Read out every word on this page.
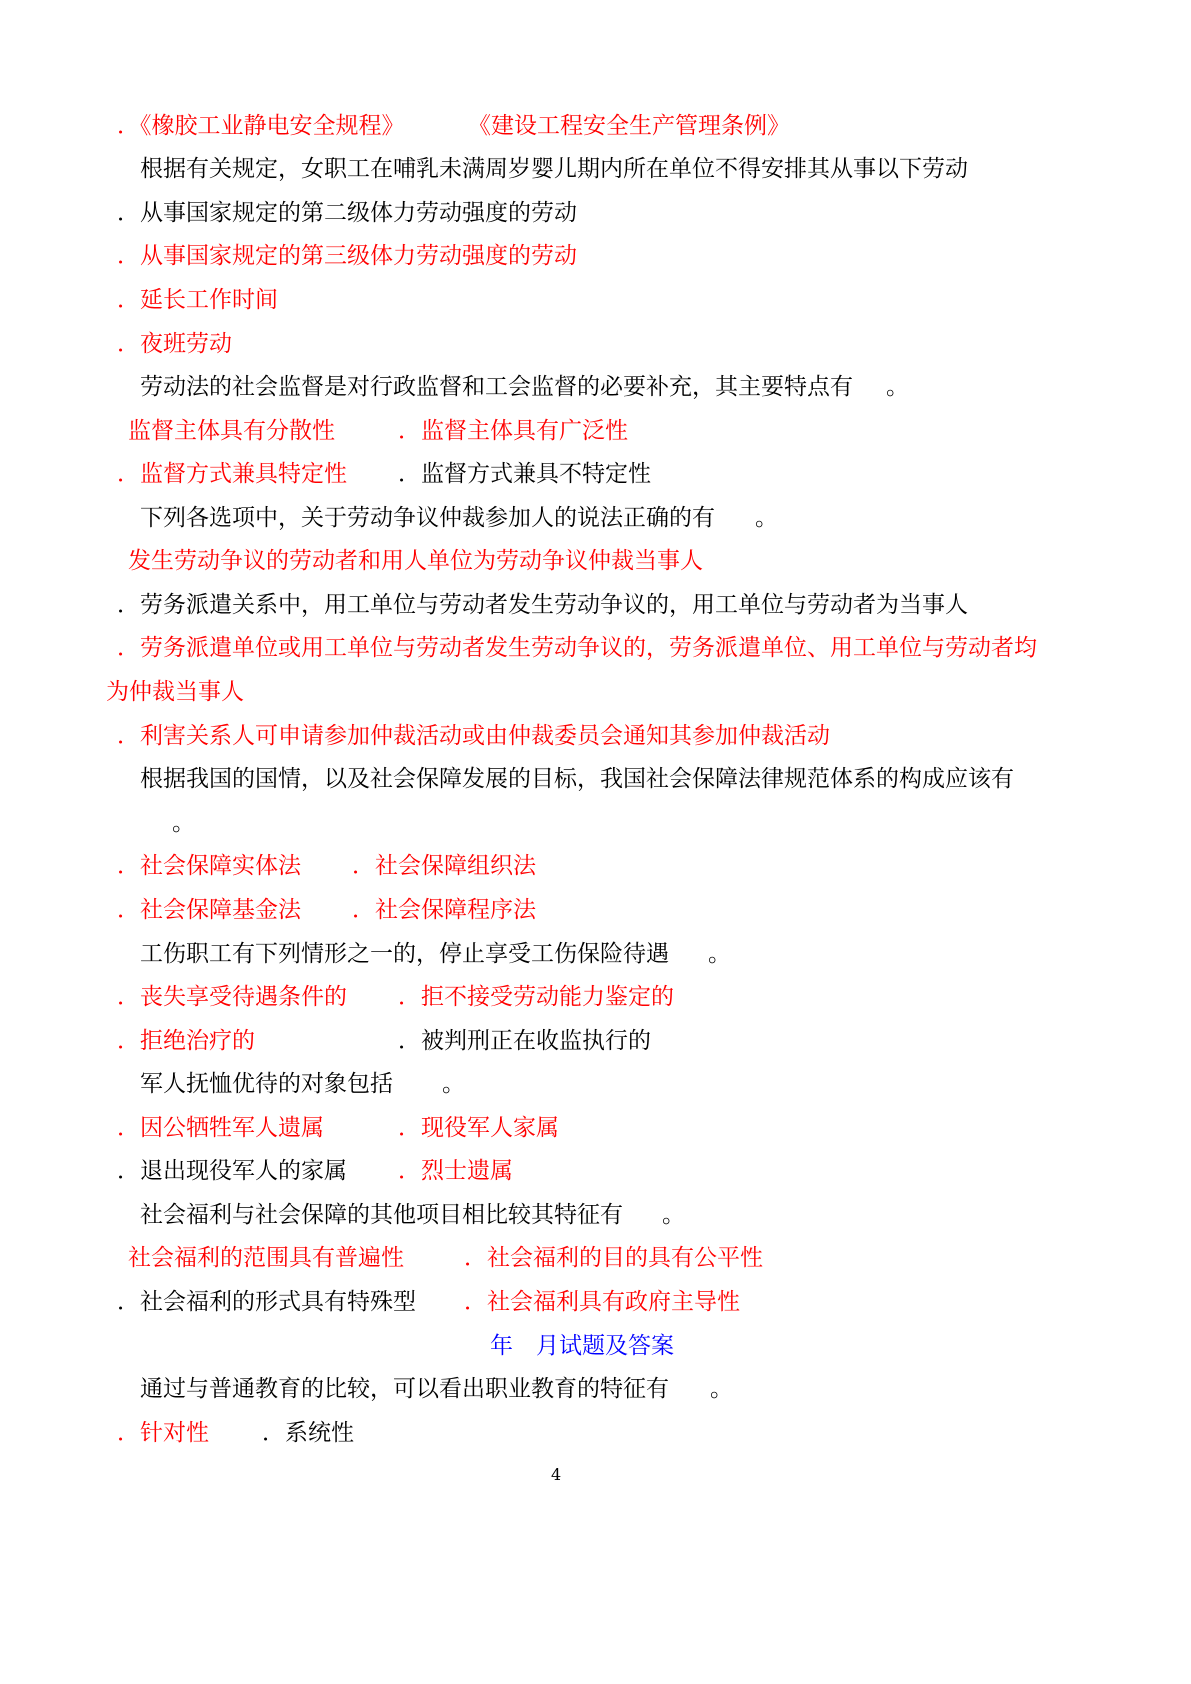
．《橡胶工业静电安全规程》	《建设工程安全生产管理条例》
根据有关规定，女职工在哺乳未满周岁婴儿期内所在单位不得安排其从事以下劳动
．从事国家规定的第二级体力劳动强度的劳动
．从事国家规定的第三级体力劳动强度的劳动
．延长工作时间
．夜班劳动
劳动法的社会监督是对行政监督和工会监督的必要补充，其主要特点有 。
监督主体具有分散性	．监督主体具有广泛性
．监督方式兼具特定性 ．监督方式兼具不特定性
下列各选项中，关于劳动争议仲裁参加人的说法正确的有 。
发生劳动争议的劳动者和用人单位为劳动争议仲裁当事人
．劳务派遣关系中，用工单位与劳动者发生劳动争议的，用工单位与劳动者为当事人
．劳务派遣单位或用工单位与劳动者发生劳动争议的，劳务派遣单位、用工单位与劳动者均
为仲裁当事人
．利害关系人可申请参加仲裁活动或由仲裁委员会通知其参加仲裁活动
根据我国的国情，以及社会保障发展的目标，我国社会保障法律规范体系的构成应该有
。
．社会保障实体法 ．社会保障组织法
．社会保障基金法 ．社会保障程序法
工伤职工有下列情形之一的，停止享受工伤保险待遇 。
．丧失享受待遇条件的 ．拒不接受劳动能力鉴定的
．拒绝治疗的	．被判刑正在收监执行的
军人抚恤优待的对象包括 。
．因公牺牲军人遗属	．现役军人家属
．退出现役军人的家属 ．烈士遗属
社会福利与社会保障的其他项目相比较其特征有 。
社会福利的范围具有普遍性	．社会福利的目的具有公平性
．社会福利的形式具有特殊型 ．社会福利具有政府主导性
年　月试题及答案
通过与普通教育的比较，可以看出职业教育的特征有 。
．针对性 ．系统性
4
